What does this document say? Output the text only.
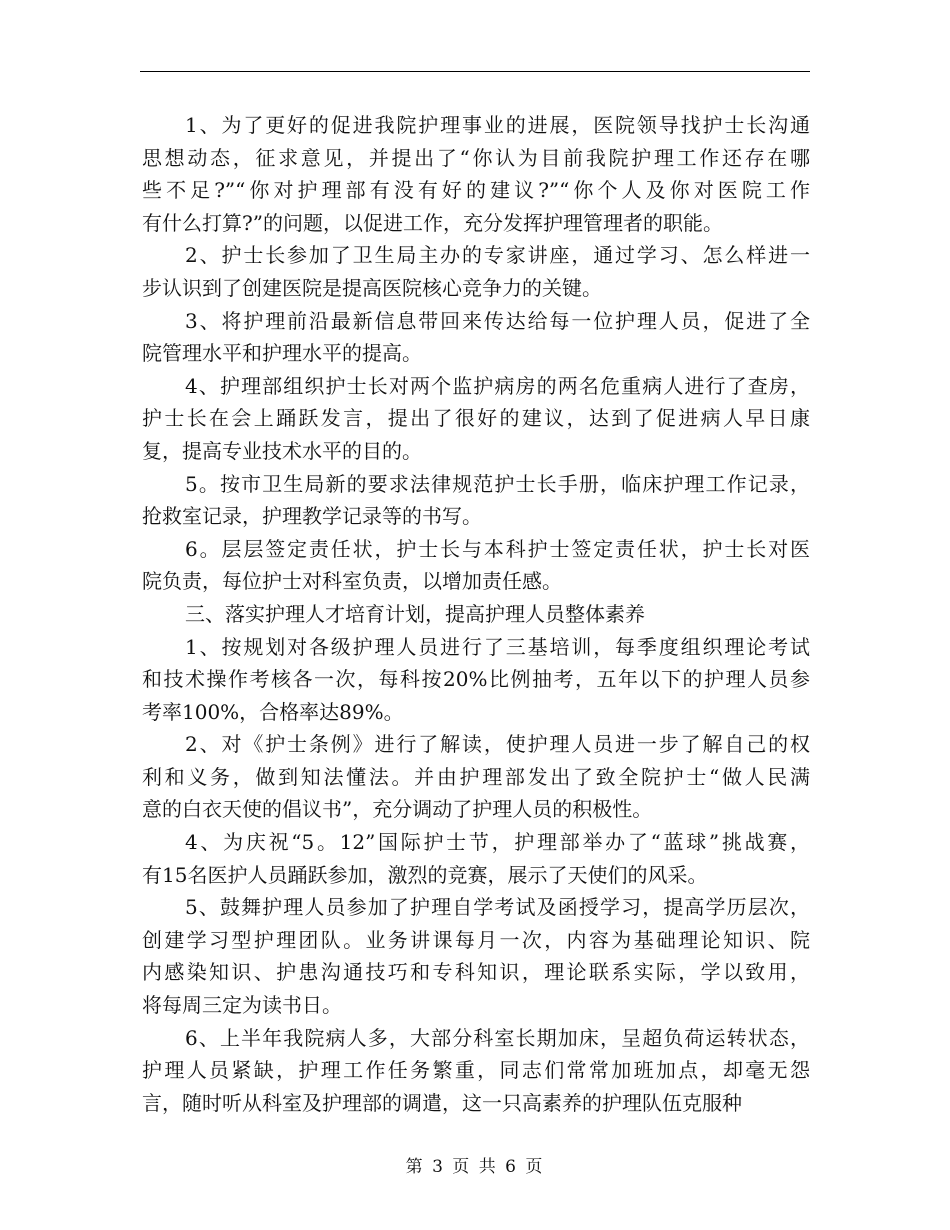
1、为了更好的促进我院护理事业的进展，医院领导找护士长沟通
思想动态，征求意见，并提出了“你认为目前我院护理工作还存在哪
些不足?”“你对护理部有没有好的建议?”“你个人及你对医院工作
有什么打算?”的问题，以促进工作，充分发挥护理管理者的职能。
2、护士长参加了卫生局主办的专家讲座，通过学习、怎么样进一
步认识到了创建医院是提高医院核心竞争力的关键。
3、将护理前沿最新信息带回来传达给每一位护理人员，促进了全
院管理水平和护理水平的提高。
4、护理部组织护士长对两个监护病房的两名危重病人进行了查房，
护士长在会上踊跃发言，提出了很好的建议，达到了促进病人早日康
复，提高专业技术水平的目的。
5。按市卫生局新的要求法律规范护士长手册，临床护理工作记录，
抢救室记录，护理教学记录等的书写。
6。层层签定责任状，护士长与本科护士签定责任状，护士长对医
院负责，每位护士对科室负责，以增加责任感。
三、落实护理人才培育计划，提高护理人员整体素养
1、按规划对各级护理人员进行了三基培训，每季度组织理论考试
和技术操作考核各一次，每科按20%比例抽考，五年以下的护理人员参
考率100%，合格率达89%。
2、对《护士条例》进行了解读，使护理人员进一步了解自己的权
利和义务，做到知法懂法。并由护理部发出了致全院护士“做人民满
意的白衣天使的倡议书”，充分调动了护理人员的积极性。
4、为庆祝“5。12”国际护士节，护理部举办了“蓝球”挑战赛，
有15名医护人员踊跃参加，激烈的竞赛，展示了天使们的风采。
5、鼓舞护理人员参加了护理自学考试及函授学习，提高学历层次，
创建学习型护理团队。业务讲课每月一次，内容为基础理论知识、院
内感染知识、护患沟通技巧和专科知识，理论联系实际，学以致用，
将每周三定为读书日。
6、上半年我院病人多，大部分科室长期加床，呈超负荷运转状态，
护理人员紧缺，护理工作任务繁重，同志们常常加班加点，却毫无怨
言，随时听从科室及护理部的调遣，这一只高素养的护理队伍克服种
第 3 页 共 6 页
